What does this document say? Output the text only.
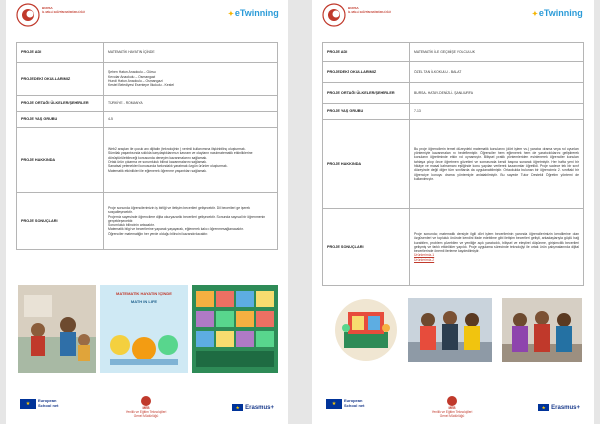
BURSA
İL MİLLİ EĞİTİM MÜDÜRLÜĞÜ	✦eTwinning
PROJE ADI	MATEMATİK HAYATIN İÇİNDE
PROJEDEKİ OKULLARIMIZ	Şehen Hatun Anaokulu – Gürsu
Kevolar Anaokulu – Osmangazi
Hundi Hatun Anaokulu – Osmangazi
Kestel Belediyesi Esentepe İlkokulu - Kestel
PROJE ORTAĞI ÜLKELER/ŞEHİRLER	TÜRKİYE - ROMANYA
PROJE YAŞ GRUBU	4-5
PROJE HAKKINDA	Web2 araçları ile çocuk anı dijitalin (teknolojinin ) verimli kullanımına ilişkinbilinç oluşturmak.
Sümilak yaşantısında sıklıkla karşılaştıklarımızı kavram ve olayların nasılmatematik etkinliklerine dönüştürülebileceği konusunda deneyim kazanmalarını sağlamak.
Ortak ürün çıkarma ve sorumluluk bilinci kazanmalarını sağlamak.
Sanatsal yetenekleri konusunda farkındalık yaratmak özgün ürünler oluşturmak.
Matematik etkinlikleri ile eğlenerek öğrenme yaşantıları sağlamak.
PROJE SONUÇLARI	Proje sonunda öğrencilerimizin iş birliği ve iletişim becerileri gelişecektir. Dil becerileri ge işerek sosyalleşecektir.
Projemiz sayesinde öğrencilere dijita okuryazarlık becerileri gelişecektir. Sonunda sayısal bir öğrenmenin gerçekleşecektir.
Sorumluluk bilincinin artacaktır.
Matematik bilgi ve becerilerine yaparak yaşayarak, eğlenerek kalıcı öğrenmesağlanacaktır.
Öğrenciler matematiğin her yerde olduğu bilincini kazandırılacaktır.
MATEMATİK HAYATIN İÇİNDE
MATH IN LIFE
★
European
School net
MEB
Yenilik ve Eğitim Teknolojileri
Genel Müdürlüğü
★ Erasmus+
BURSA
İL MİLLİ EĞİTİM MÜDÜRLÜĞÜ	✦eTwinning
PROJE ADI	MATEMATİK İLE GEÇMİŞE YOLCULUK
PROJEDEKİ OKULLARIMIZ	ÖZEL TAN İLKOKULU - BALAT
PROJE ORTAĞI ÜLKELER/ŞEHİRLER	BURSA- HATAY-DENİZLİ- ŞANLIURFA
PROJE YAŞ GRUBU	7-13
PROJE HAKKINDA	Bu proje öğrencilerin temel düzeydeki matematik konularını (dört işlem vs.) yaratıcı drama veya rol oyunları yöntemiyle kazanmaları nı hedeflemiştir. Öğrenciler hem eğlenerek hem de yaratıcılıklarını geliştirerek konuların öğretiminde etkin rol oynamıştır. Bilişsel pratik yöntemleriden esinlenerek öğrenciler konuları tahtaya çıkıp önce öğretmen gözetimi ve sonrasında kendi başına sunarak öğretmiştir. Her hafta yeni bir hikâye ve masal kahramanı eşliğinde konu yapılan verilerek kazanımlar öğretildi. Proje sadece tek bir sınıf düzeyinde değil diğer tüm sınıflarda da uygulanabilmiştir. Ortaokulda bulunan bir öğrencimiz 2. sınıftaki bir öğrenciye konuyu drama yöntemiyle anlatabilmiştir. Bu sayede Tutor Destekli Öğretim yöntemi de kullanılmıştır.
PROJE SONUÇLARI	Proje sonunda; matematik dersiyle ilgili dört işlem becerilerinin yanında öğrencilerimizin kendilerine olan özgüvenleri ve topluluk önünde kendini ifade edebilme gibi iletişim becerileri gelişti, arkadaşlarıyla güçlü bağ kurabilen, problem çözebilen ve yeniliğe açık yaratıcılık, bilişsel ve eleştirel düşünme, girişimcilik becerileri gelişmiş ve farklı etkinlikler yapıldı. Proje uygulama sürecinde teknolojiyi ile ortak ürün çalışmalarında dijital becerilerinde önemli ilerleme kaydedilmiştir.
Ürünlerimiz-1
Ürünlerimiz-2
★
European
School net
MEB
Yenilik ve Eğitim Teknolojileri
Genel Müdürlüğü
★ Erasmus+
